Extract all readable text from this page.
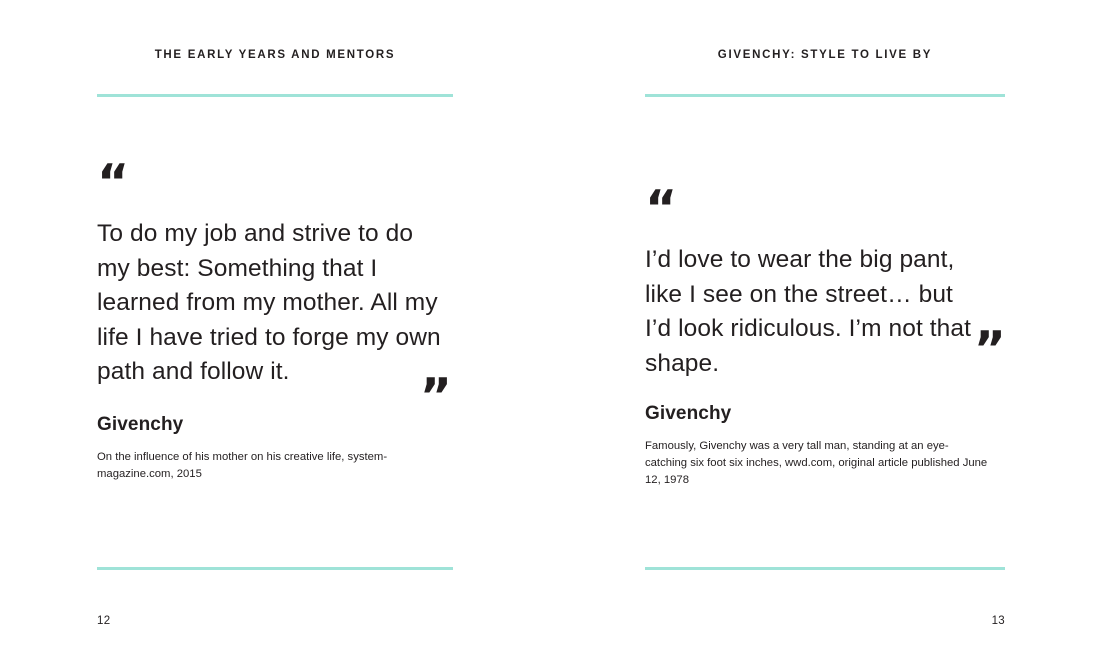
THE EARLY YEARS AND MENTORS
“

To do my job and strive to do my best: Something that I learned from my mother. All my life I have tried to forge my own path and follow it.	”
Givenchy
On the influence of his mother on his creative life, system-magazine.com, 2015
12
GIVENCHY: STYLE TO LIVE BY
“

I’d love to wear the big pant, like I see on the street… but I’d look ridiculous. I’m not that shape.	”
Givenchy
Famously, Givenchy was a very tall man, standing at an eye-catching six foot six inches, wwd.com, original article published June 12, 1978
13
